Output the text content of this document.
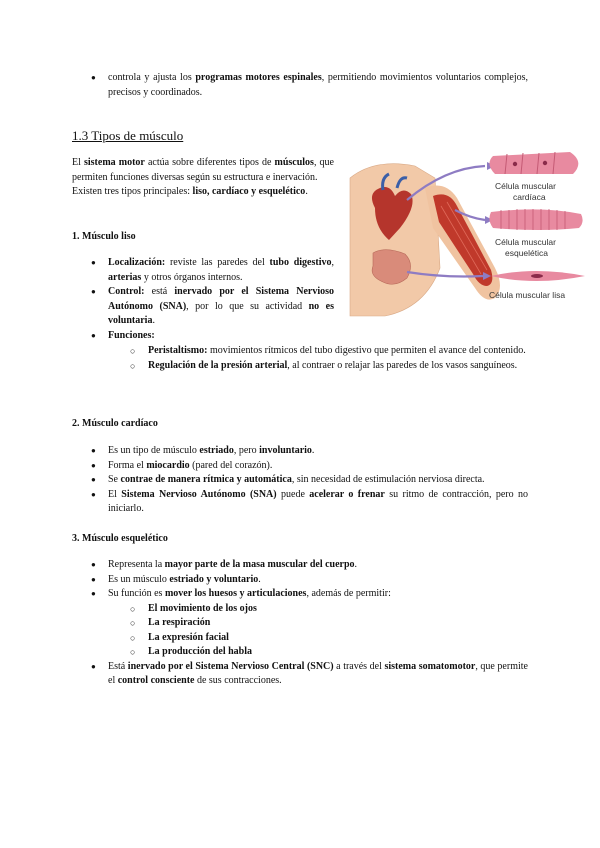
● controla y ajusta los programas motores espinales, permitiendo movimientos voluntarios complejos, precisos y coordinados.
1.3 Tipos de músculo
El sistema motor actúa sobre diferentes tipos de músculos, que permiten funciones diversas según su estructura e inervación.
Existen tres tipos principales: liso, cardíaco y esquelético.	Célula muscular
cardíaca
Célula muscular
esquelética
Célula muscular lisa
1. Músculo liso
● Localización: reviste las paredes del tubo digestivo, arterias y otros órganos internos.
● Control: está inervado por el Sistema Nervioso Autónomo (SNA), por lo que su actividad no es voluntaria.
● Funciones:
○ Peristaltismo: movimientos rítmicos del tubo digestivo que permiten el avance del contenido.
○ Regulación de la presión arterial, al contraer o relajar las paredes de los vasos sanguíneos.
2. Músculo cardíaco
● Es un tipo de músculo estriado, pero involuntario.
● Forma el miocardio (pared del corazón).
● Se contrae de manera rítmica y automática, sin necesidad de estimulación nerviosa directa.
● El Sistema Nervioso Autónomo (SNA) puede acelerar o frenar su ritmo de contracción, pero no iniciarlo.
3. Músculo esquelético
● Representa la mayor parte de la masa muscular del cuerpo.
● Es un músculo estriado y voluntario.
● Su función es mover los huesos y articulaciones, además de permitir:
○ El movimiento de los ojos
○ La respiración
○ La expresión facial
○ La producción del habla
● Está inervado por el Sistema Nervioso Central (SNC) a través del sistema somatomotor, que permite el control consciente de sus contracciones.
